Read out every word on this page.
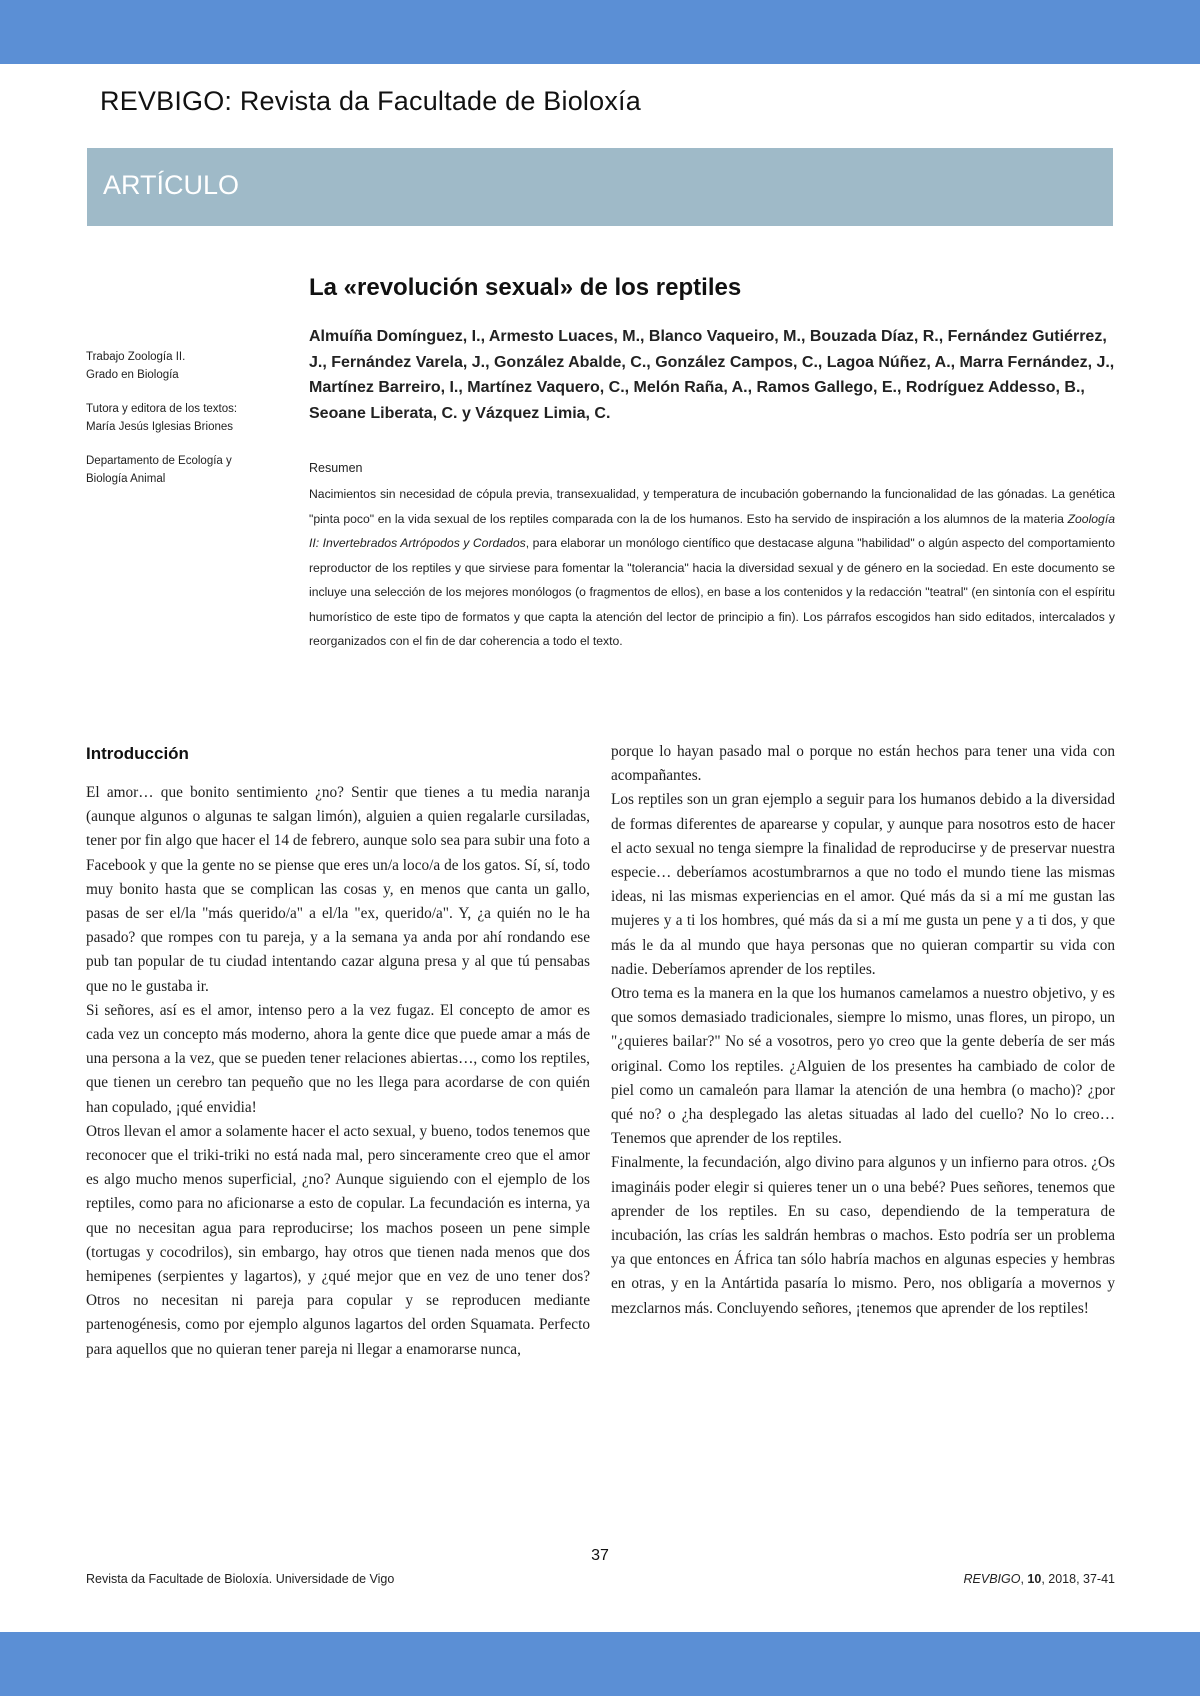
REVBIGO: Revista da Facultade de Bioloxía
ARTÍCULO
La «revolución sexual» de los reptiles
Almuíña Domínguez, I., Armesto Luaces, M., Blanco Vaqueiro, M., Bouzada Díaz, R., Fernández Gutiérrez, J., Fernández Varela, J., González Abalde, C., González Campos, C., Lagoa Núñez, A., Marra Fernández, J., Martínez Barreiro, I., Martínez Vaquero, C., Melón Raña, A., Ramos Gallego, E., Rodríguez Addesso, B., Seoane Liberata, C. y Vázquez Limia, C.
Trabajo Zoología II.
Grado en Biología
Tutora y editora de los textos:
María Jesús Iglesias Briones
Departamento de Ecología y
Biología Animal
Resumen
Nacimientos sin necesidad de cópula previa, transexualidad, y temperatura de incubación gobernando la funcionalidad de las gónadas. La genética "pinta poco" en la vida sexual de los reptiles comparada con la de los humanos. Esto ha servido de inspiración a los alumnos de la materia Zoología II: Invertebrados Artrópodos y Cordados, para elaborar un monólogo científico que destacase alguna "habilidad" o algún aspecto del comportamiento reproductor de los reptiles y que sirviese para fomentar la "tolerancia" hacia la diversidad sexual y de género en la sociedad. En este documento se incluye una selección de los mejores monólogos (o fragmentos de ellos), en base a los contenidos y la redacción "teatral" (en sintonía con el espíritu humorístico de este tipo de formatos y que capta la atención del lector de principio a fin). Los párrafos escogidos han sido editados, intercalados y reorganizados con el fin de dar coherencia a todo el texto.
Introducción

El amor… que bonito sentimiento ¿no? Sentir que tienes a tu media naranja (aunque algunos o algunas te salgan limón), alguien a quien regalarle cursiladas, tener por fin algo que hacer el 14 de febrero, aunque solo sea para subir una foto a Facebook y que la gente no se piense que eres un/a loco/a de los gatos. Sí, sí, todo muy bonito hasta que se complican las cosas y, en menos que canta un gallo, pasas de ser el/la "más querido/a" a el/la "ex, querido/a". Y, ¿a quién no le ha pasado? que rompes con tu pareja, y a la semana ya anda por ahí rondando ese pub tan popular de tu ciudad intentando cazar alguna presa y al que tú pensabas que no le gustaba ir.

Si señores, así es el amor, intenso pero a la vez fugaz. El concepto de amor es cada vez un concepto más moderno, ahora la gente dice que puede amar a más de una persona a la vez, que se pueden tener relaciones abiertas…, como los reptiles, que tienen un cerebro tan pequeño que no les llega para acordarse de con quién han copulado, ¡qué envidia!

Otros llevan el amor a solamente hacer el acto sexual, y bueno, todos tenemos que reconocer que el triki-triki no está nada mal, pero sinceramente creo que el amor es algo mucho menos superficial, ¿no? Aunque siguiendo con el ejemplo de los reptiles, como para no aficionarse a esto de copular. La fecundación es interna, ya que no necesitan agua para reproducirse; los machos poseen un pene simple (tortugas y cocodrilos), sin embargo, hay otros que tienen nada menos que dos hemipenes (serpientes y lagartos), y ¿qué mejor que en vez de uno tener dos? Otros no necesitan ni pareja para copular y se reproducen mediante partenogénesis, como por ejemplo algunos lagartos del orden Squamata. Perfecto para aquellos que no quieran tener pareja ni llegar a enamorarse nunca,

porque lo hayan pasado mal o porque no están hechos para tener una vida con acompañantes.

Los reptiles son un gran ejemplo a seguir para los humanos debido a la diversidad de formas diferentes de aparearse y copular, y aunque para nosotros esto de hacer el acto sexual no tenga siempre la finalidad de reproducirse y de preservar nuestra especie… deberíamos acostumbrarnos a que no todo el mundo tiene las mismas ideas, ni las mismas experiencias en el amor. Qué más da si a mí me gustan las mujeres y a ti los hombres, qué más da si a mí me gusta un pene y a ti dos, y que más le da al mundo que haya personas que no quieran compartir su vida con nadie. Deberíamos aprender de los reptiles.

Otro tema es la manera en la que los humanos camelamos a nuestro objetivo, y es que somos demasiado tradicionales, siempre lo mismo, unas flores, un piropo, un "¿quieres bailar?" No sé a vosotros, pero yo creo que la gente debería de ser más original. Como los reptiles. ¿Alguien de los presentes ha cambiado de color de piel como un camaleón para llamar la atención de una hembra (o macho)? ¿por qué no? o ¿ha desplegado las aletas situadas al lado del cuello? No lo creo… Tenemos que aprender de los reptiles.

Finalmente, la fecundación, algo divino para algunos y un infierno para otros. ¿Os imagináis poder elegir si quieres tener un o una bebé? Pues señores, tenemos que aprender de los reptiles. En su caso, dependiendo de la temperatura de incubación, las crías les saldrán hembras o machos. Esto podría ser un problema ya que entonces en África tan sólo habría machos en algunas especies y hembras en otras, y en la Antártida pasaría lo mismo. Pero, nos obligaría a movernos y mezclarnos más. Concluyendo señores, ¡tenemos que aprender de los reptiles!

37
Revista da Facultade de Bioloxía. Universidade de Vigo	REVBIGO, 10, 2018, 37-41
